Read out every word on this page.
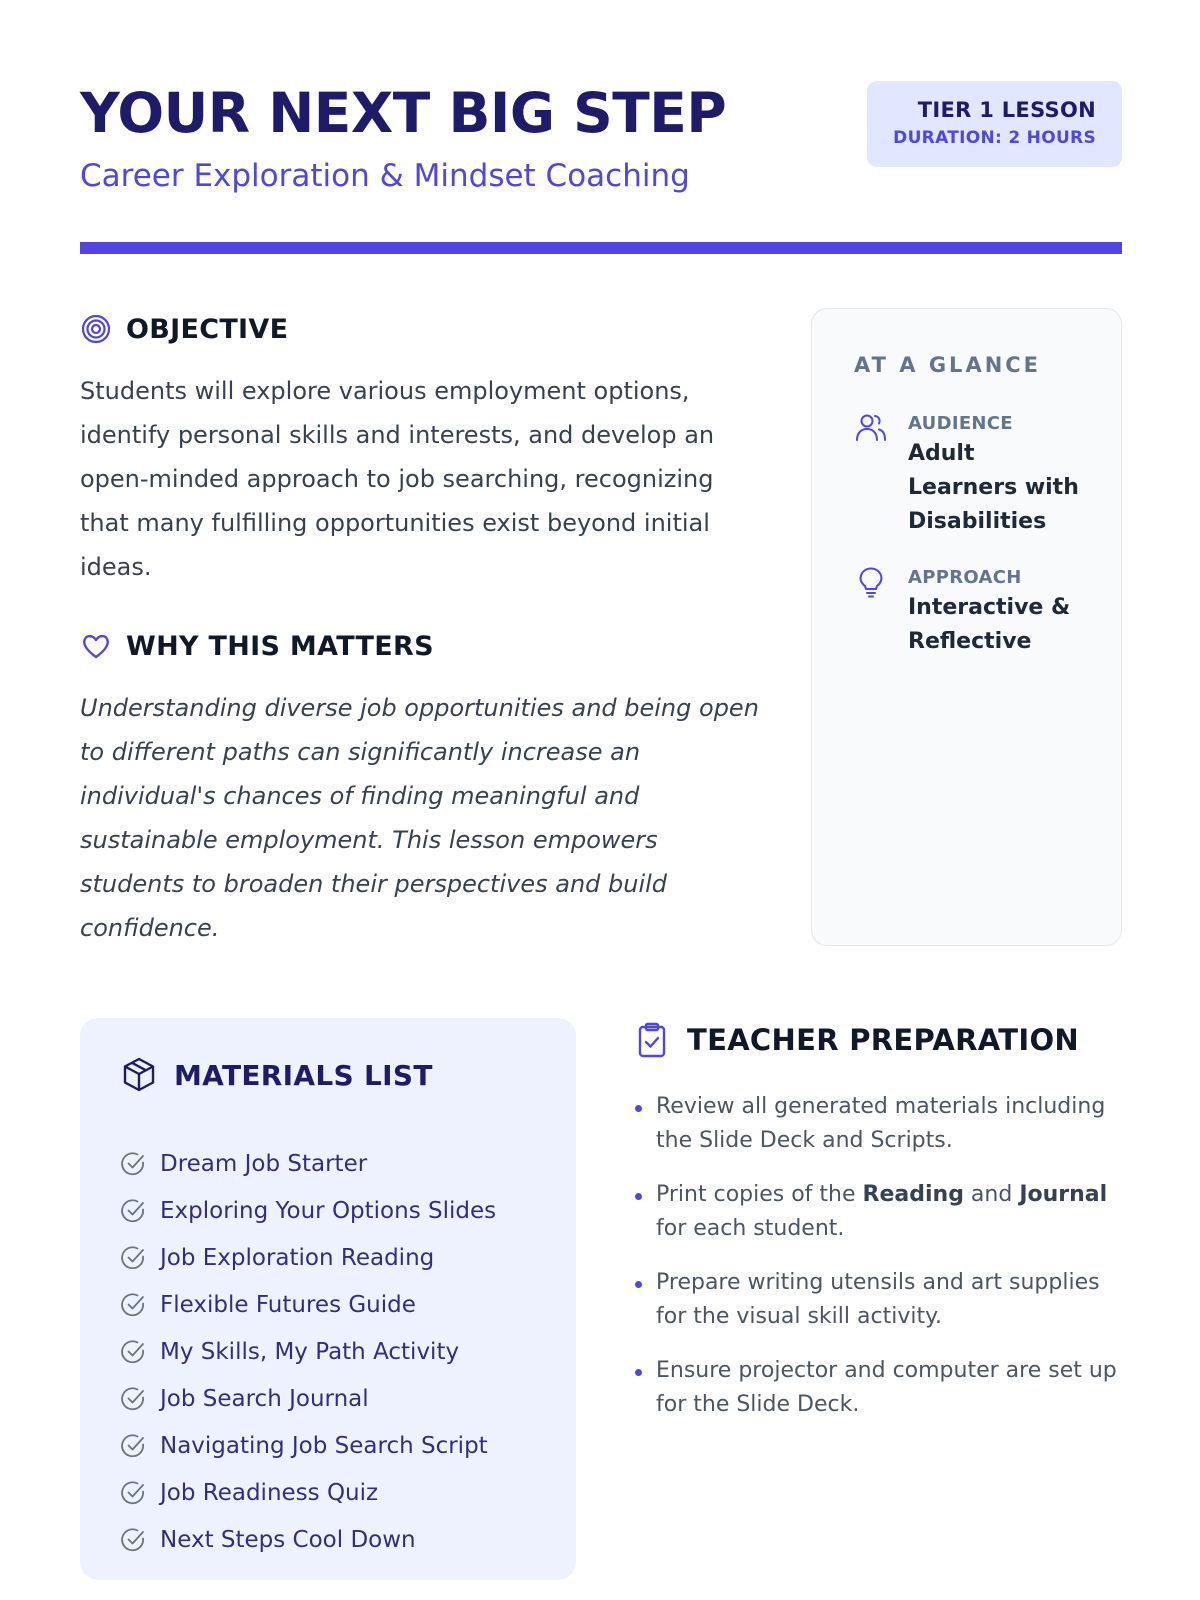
YOUR NEXT BIG STEP

Career Exploration & Mindset Coaching

TIER 1 LESSON
DURATION: 2 HOURS
OBJECTIVE

Students will explore various employment options, identify personal skills and interests, and develop an open-minded approach to job searching, recognizing that many fulfilling opportunities exist beyond initial ideas.

WHY THIS MATTERS

Understanding diverse job opportunities and being open to different paths can significantly increase an individual's chances of finding meaningful and sustainable employment. This lesson empowers students to broaden their perspectives and build confidence.

AT A GLANCE
AUDIENCE
Adult Learners with Disabilities
APPROACH
Interactive & Reflective
MATERIALS LIST
Dream Job Starter
Exploring Your Options Slides
Job Exploration Reading
Flexible Futures Guide
My Skills, My Path Activity
Job Search Journal
Navigating Job Search Script
Job Readiness Quiz
Next Steps Cool Down
TEACHER PREPARATION
Review all generated materials including the Slide Deck and Scripts.
Print copies of the Reading and Journal for each student.
Prepare writing utensils and art supplies for the visual skill activity.
Ensure projector and computer are set up for the Slide Deck.
